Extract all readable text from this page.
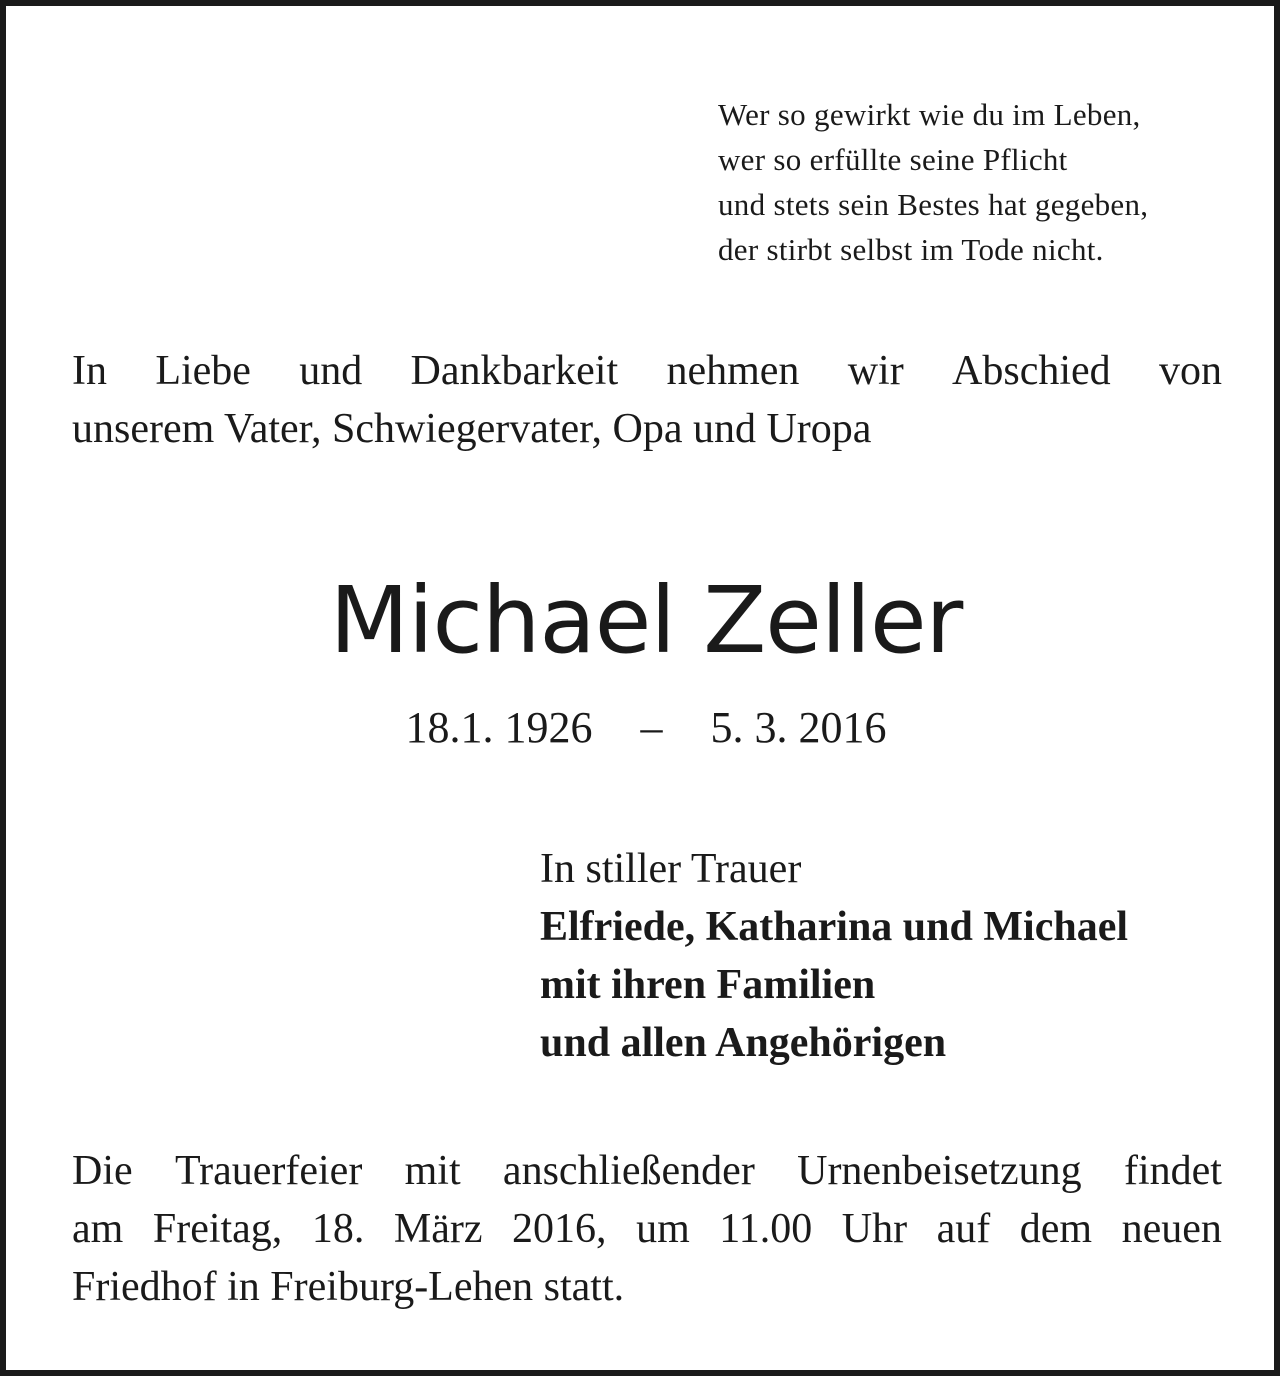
Wer so gewirkt wie du im Leben,
wer so erfüllte seine Pflicht
und stets sein Bestes hat gegeben,
der stirbt selbst im Tode nicht.
In Liebe und Dankbarkeit nehmen wir Abschied von
unserem Vater, Schwiegervater, Opa und Uropa
Michael Zeller
18.1. 1926 – 5. 3. 2016
In stiller Trauer
Elfriede, Katharina und Michael
mit ihren Familien
und allen Angehörigen
Die Trauerfeier mit anschließender Urnenbeisetzung findet
am Freitag, 18. März 2016, um 11.00 Uhr auf dem neuen
Friedhof in Freiburg-Lehen statt.
